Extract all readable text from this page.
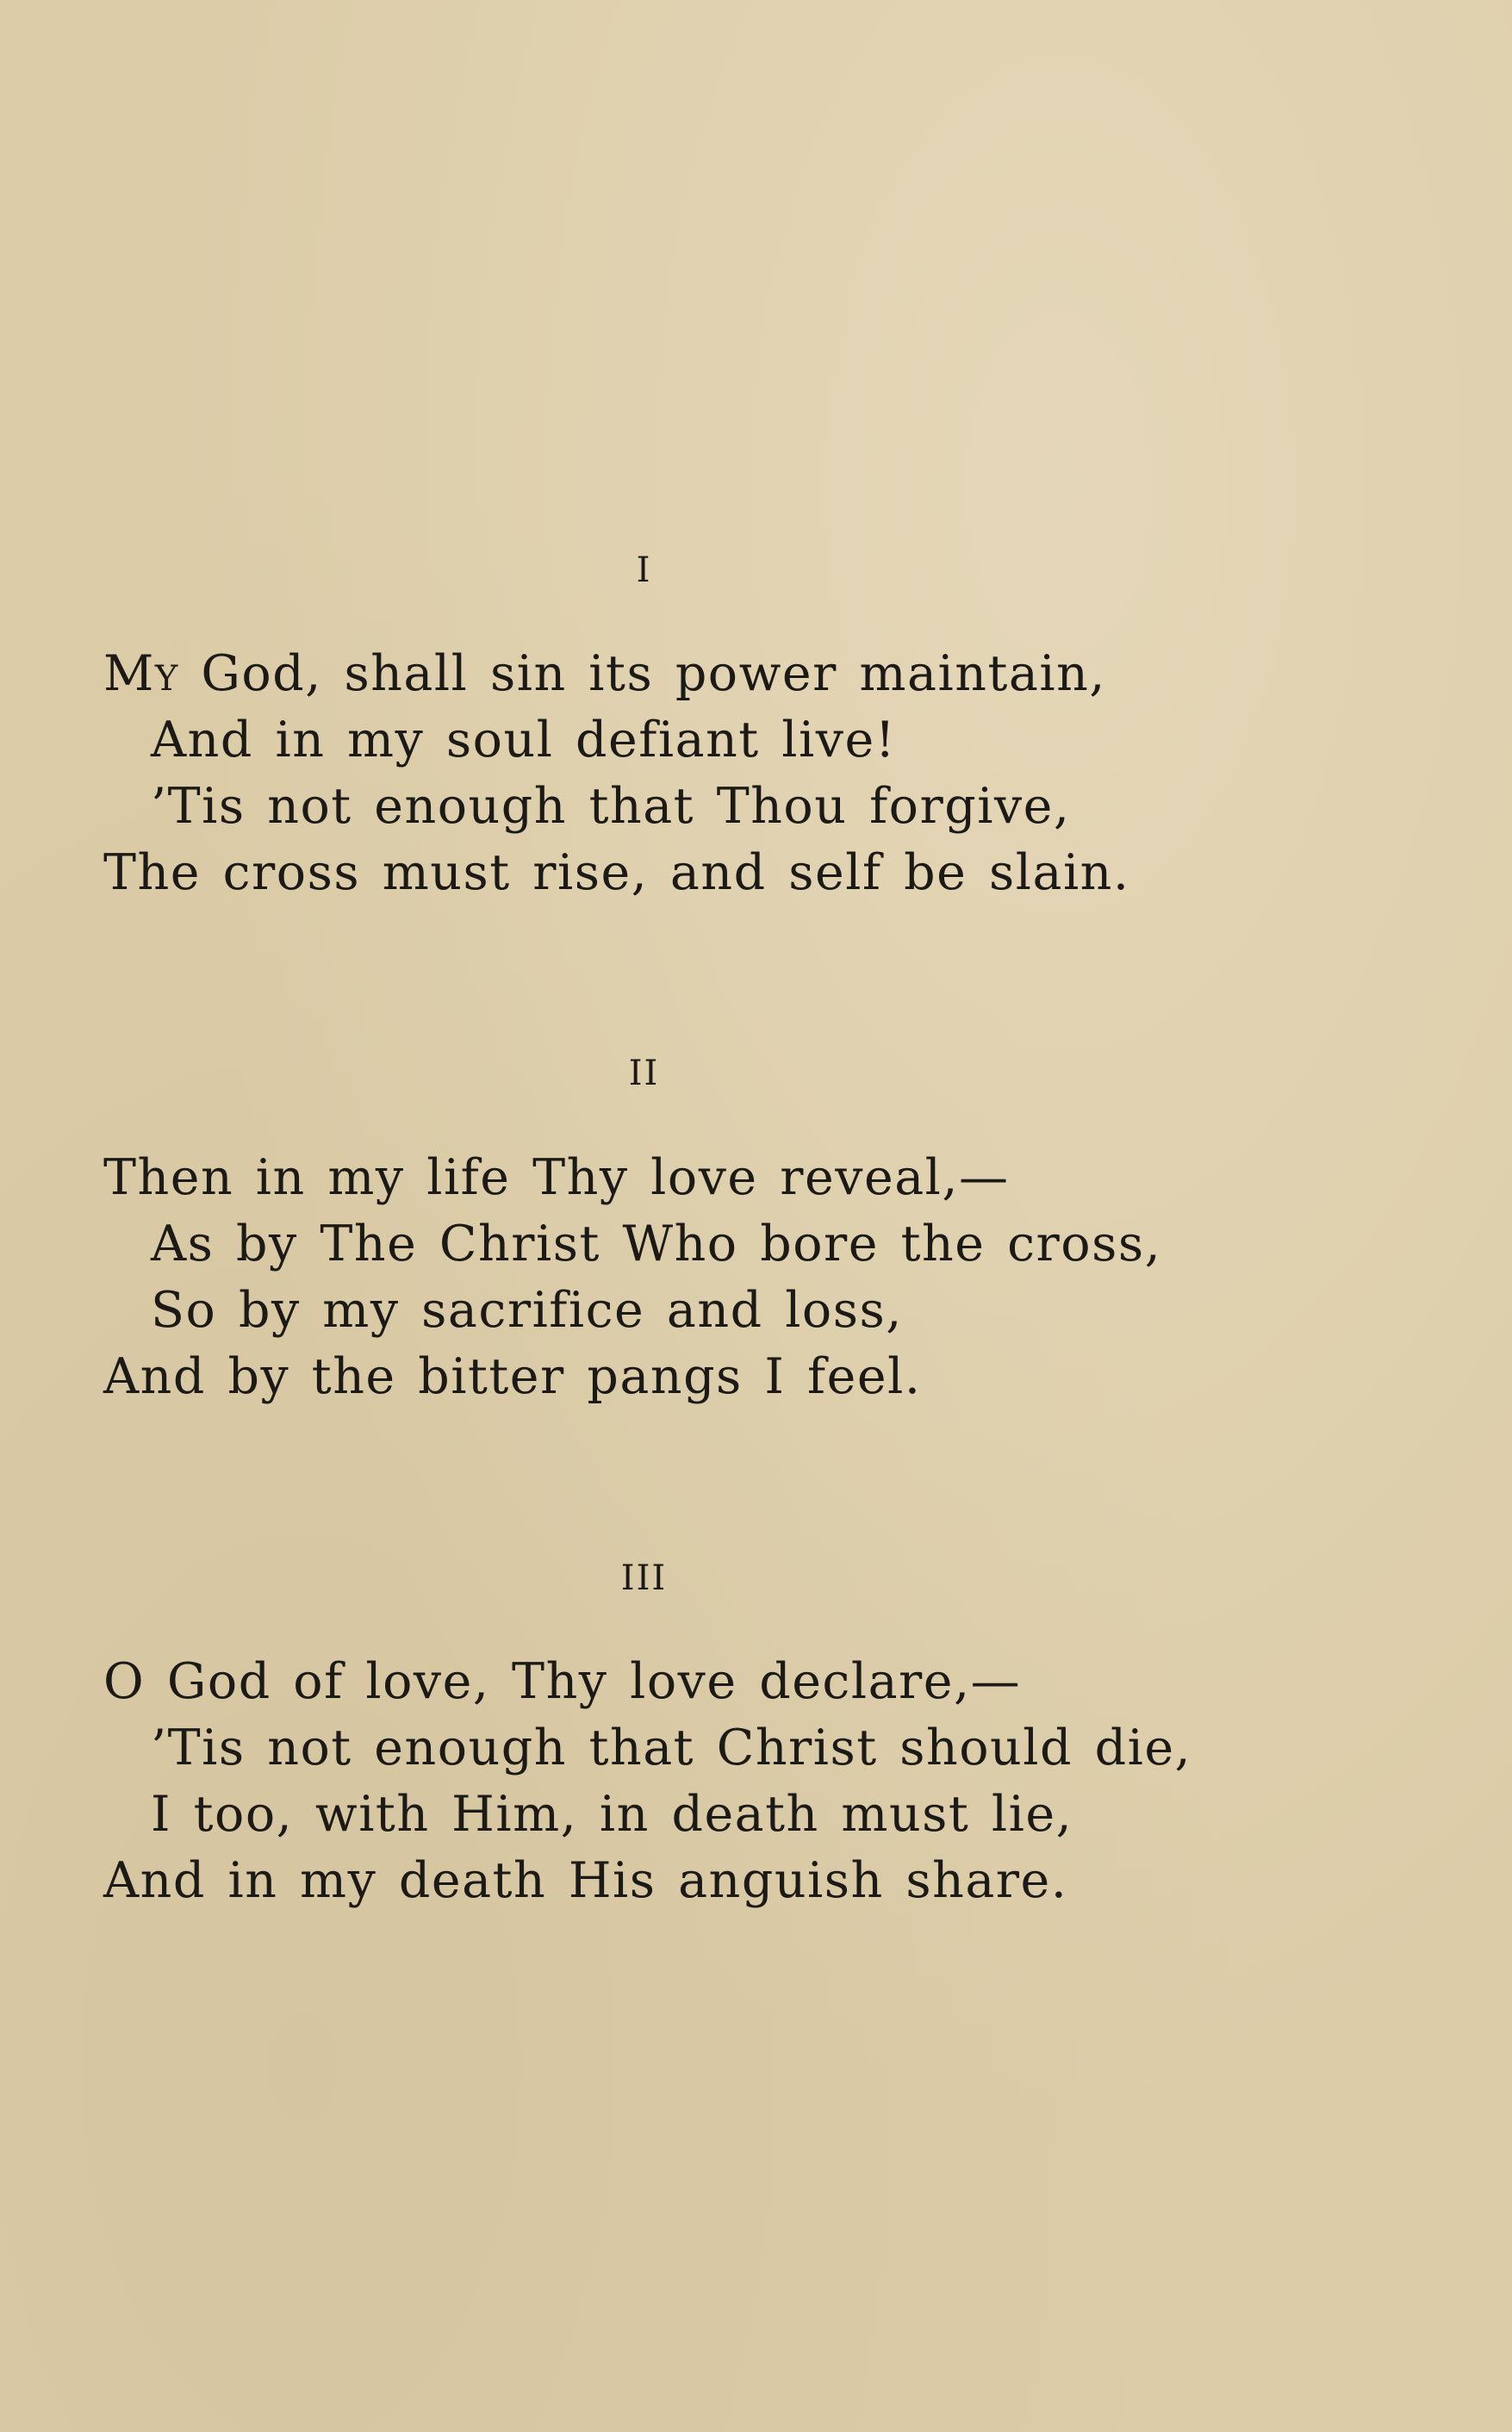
I
My God, shall sin its power maintain,
And in my soul defiant live!
’Tis not enough that Thou forgive,
The cross must rise, and self be slain.
II
Then in my life Thy love reveal,—
As by The Christ Who bore the cross,
So by my sacrifice and loss,
And by the bitter pangs I feel.
III
O God of love, Thy love declare,—
’Tis not enough that Christ should die,
I too, with Him, in death must lie,
And in my death His anguish share.
